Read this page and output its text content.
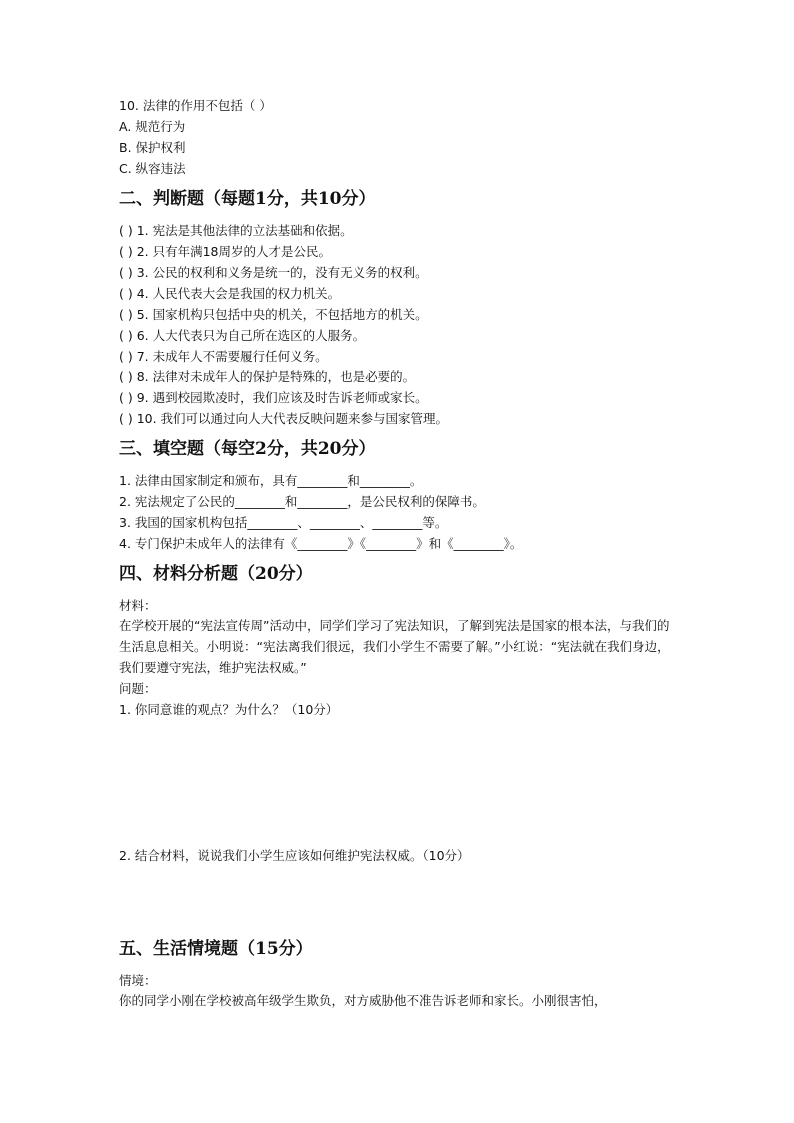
10. 法律的作用不包括（ ）
A. 规范行为
B. 保护权利
C. 纵容违法
二、判断题（每题1分，共10分）
( ) 1. 宪法是其他法律的立法基础和依据。
( ) 2. 只有年满18周岁的人才是公民。
( ) 3. 公民的权利和义务是统一的，没有无义务的权利。
( ) 4. 人民代表大会是我国的权力机关。
( ) 5. 国家机构只包括中央的机关，不包括地方的机关。
( ) 6. 人大代表只为自己所在选区的人服务。
( ) 7. 未成年人不需要履行任何义务。
( ) 8. 法律对未成年人的保护是特殊的，也是必要的。
( ) 9. 遇到校园欺凌时，我们应该及时告诉老师或家长。
( ) 10. 我们可以通过向人大代表反映问题来参与国家管理。
三、填空题（每空2分，共20分）
1. 法律由国家制定和颁布，具有________和________。
2. 宪法规定了公民的________和________，是公民权利的保障书。
3. 我国的国家机构包括________、________、________等。
4. 专门保护未成年人的法律有《________》《________》和《________》。
四、材料分析题（20分）
材料：
在学校开展的“宪法宣传周”活动中，同学们学习了宪法知识，了解到宪法是国家的根本法，与我们的生活息息相关。小明说：“宪法离我们很远，我们小学生不需要了解。”小红说：“宪法就在我们身边，我们要遵守宪法，维护宪法权威。”
问题：
1. 你同意谁的观点？为什么？（10分）
2. 结合材料，说说我们小学生应该如何维护宪法权威。（10分）
五、生活情境题（15分）
情境：
你的同学小刚在学校被高年级学生欺负，对方威胁他不准告诉老师和家长。小刚很害怕，
